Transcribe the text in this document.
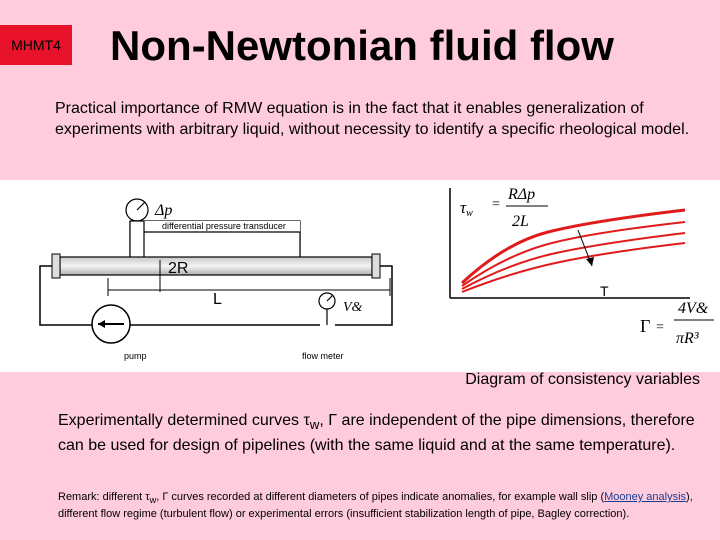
MHMT4 Non-Newtonian fluid flow
Practical importance of RMW equation is in the fact that it enables generalization of experiments with arbitrary liquid, without necessity to identify a specific rheological model.
Δp
differential pressure transducer
2R
L
pump
V&
flow meter
τw
=
RΔp
2L
T
Γ =
4V&
πR³
Diagram of consistency variables
Experimentally determined curves $\tau_w$, Γ are independent of the pipe dimensions, therefore can be used for design of pipelines (with the same liquid and at the same temperature).
Remark: different $\tau_w$, Γ curves recorded at different diameters of pipes indicate anomalies, for example wall slip (Mooney analysis), different flow regime (turbulent flow) or experimental errors (insufficient stabilization length of pipe, Bagley correction).
